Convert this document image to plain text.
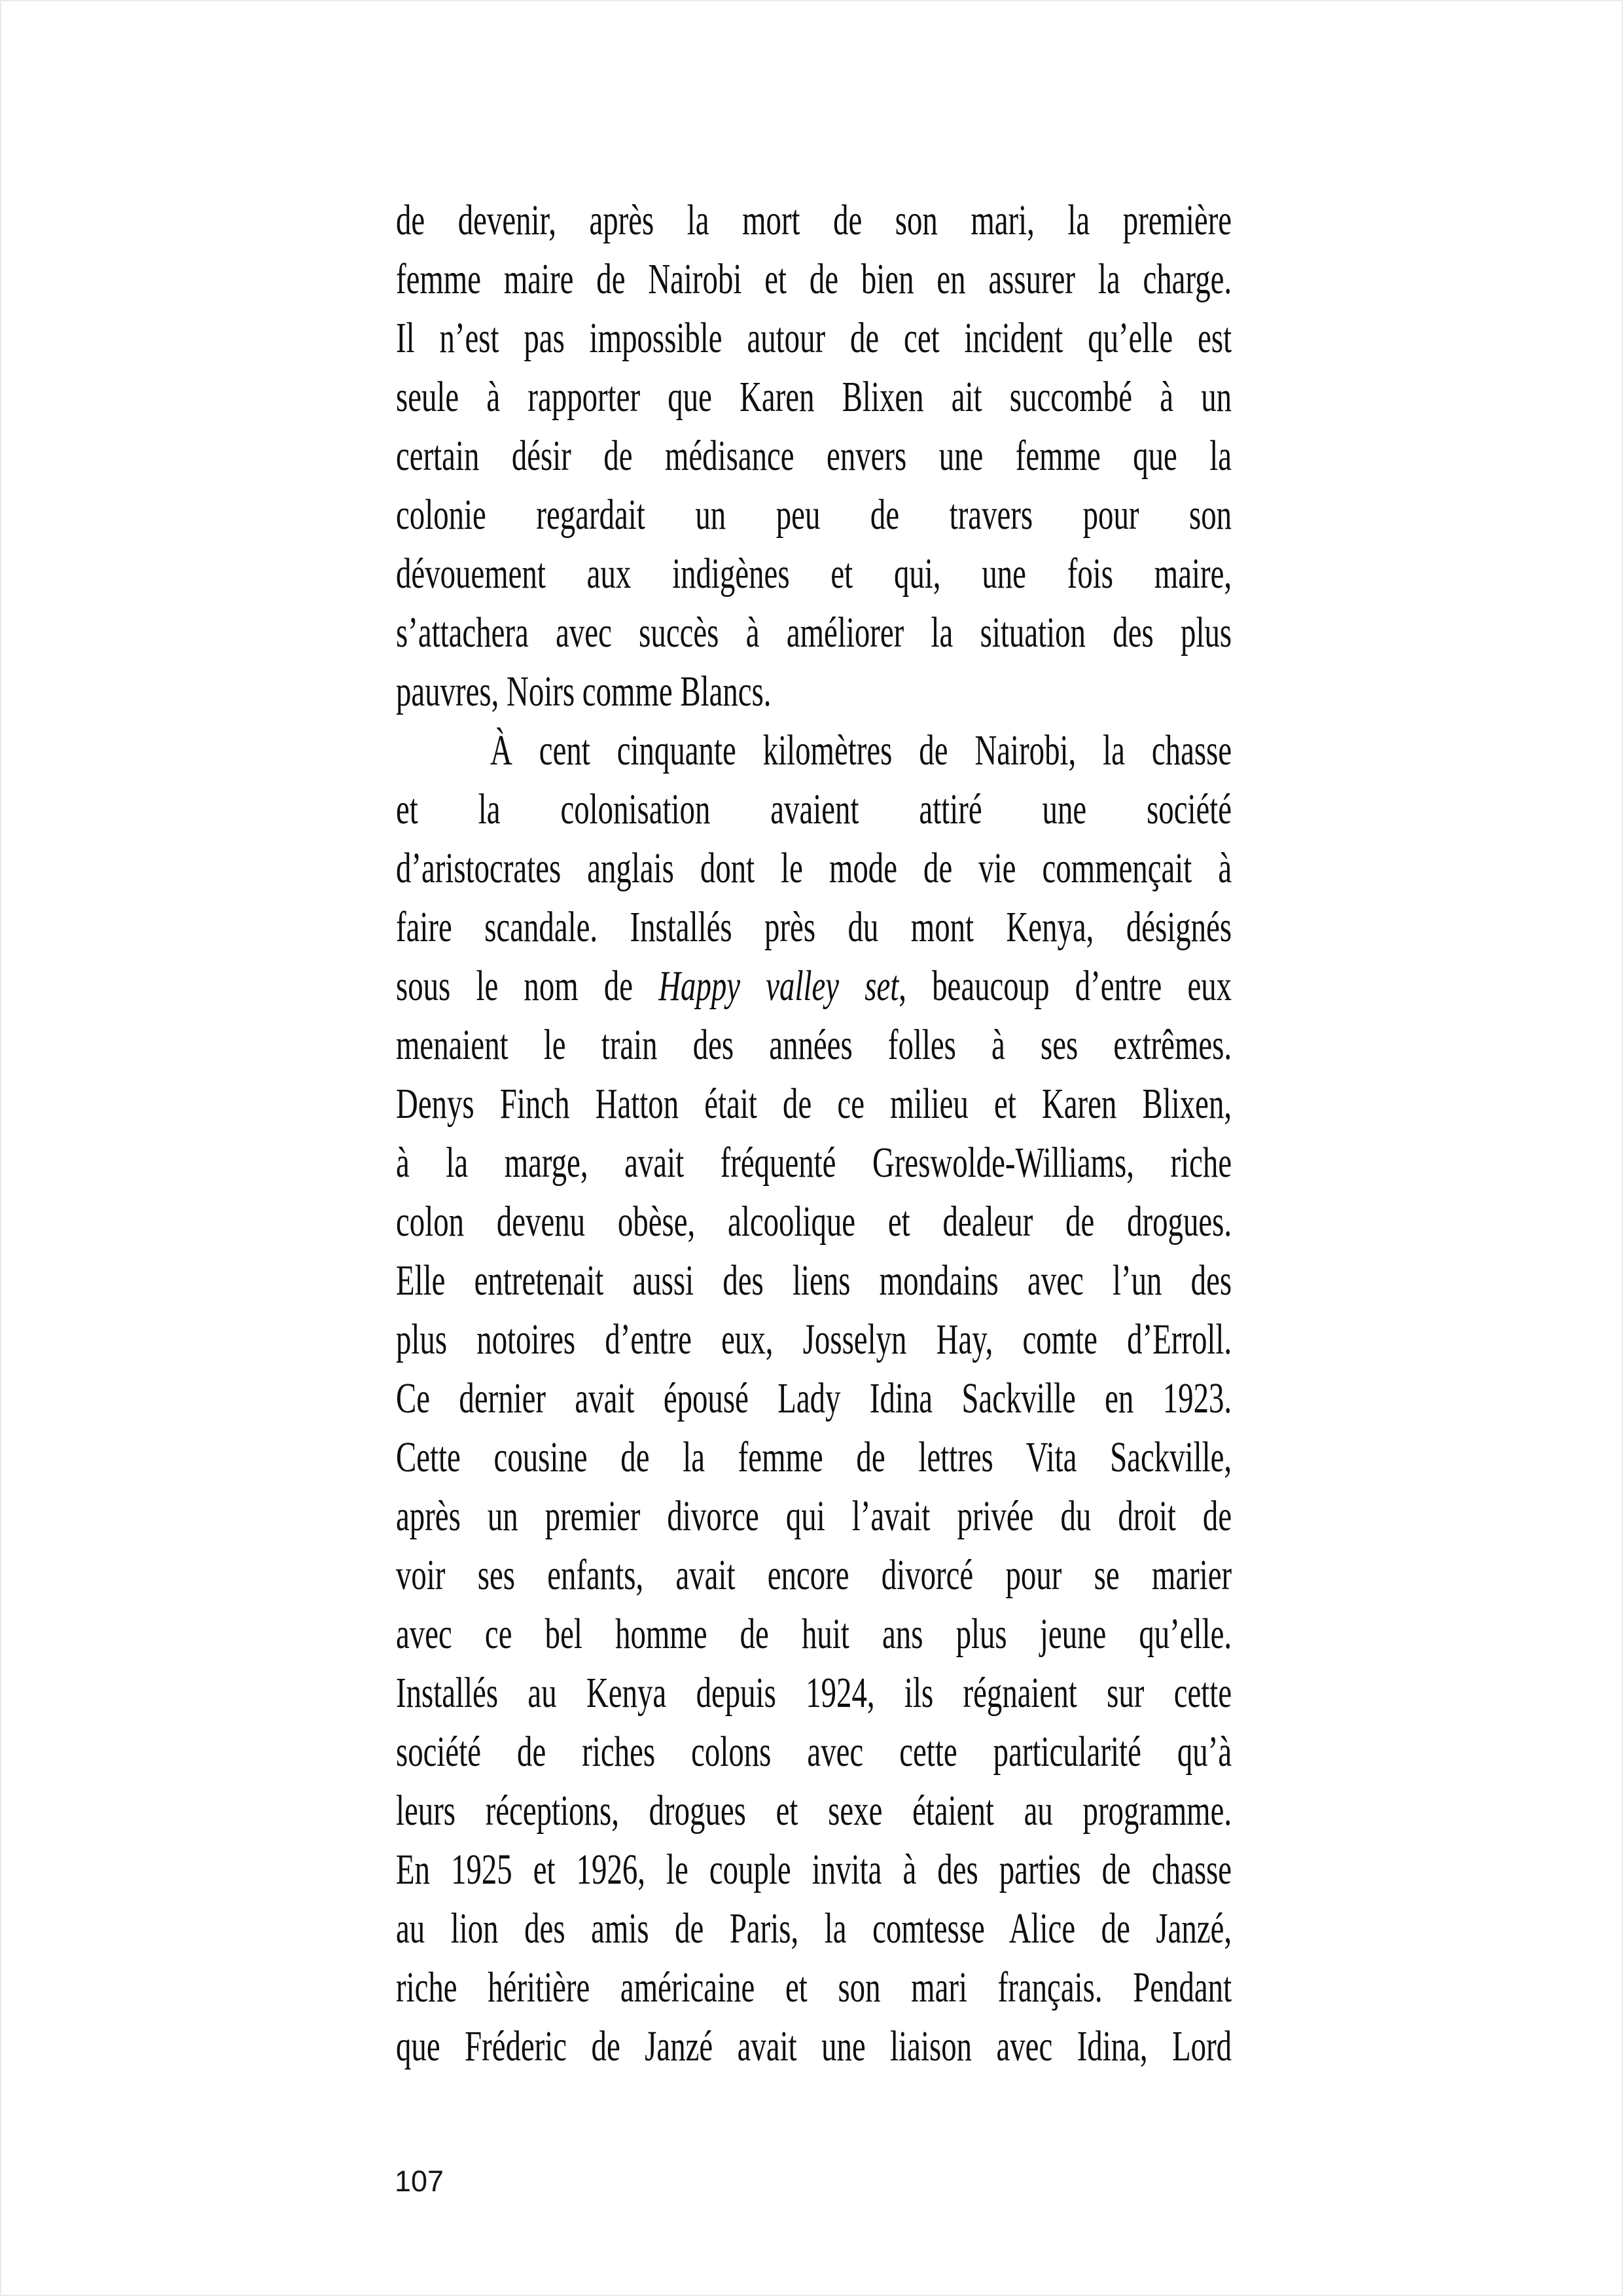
de devenir, après la mort de son mari, la première
femme maire de Nairobi et de bien en assurer la charge.
Il n’est pas impossible autour de cet incident qu’elle est
seule à rapporter que Karen Blixen ait succombé à un
certain désir de médisance envers une femme que la
colonie regardait un peu de travers pour son
dévouement aux indigènes et qui, une fois maire,
s’attachera avec succès à améliorer la situation des plus
pauvres, Noirs comme Blancs.
À cent cinquante kilomètres de Nairobi, la chasse
et la colonisation avaient attiré une société
d’aristocrates anglais dont le mode de vie commençait à
faire scandale. Installés près du mont Kenya, désignés
sous le nom de Happy valley set, beaucoup d’entre eux
menaient le train des années folles à ses extrêmes.
Denys Finch Hatton était de ce milieu et Karen Blixen,
à la marge, avait fréquenté Greswolde-Williams, riche
colon devenu obèse, alcoolique et dealeur de drogues.
Elle entretenait aussi des liens mondains avec l’un des
plus notoires d’entre eux, Josselyn Hay, comte d’Erroll.
Ce dernier avait épousé Lady Idina Sackville en 1923.
Cette cousine de la femme de lettres Vita Sackville,
après un premier divorce qui l’avait privée du droit de
voir ses enfants, avait encore divorcé pour se marier
avec ce bel homme de huit ans plus jeune qu’elle.
Installés au Kenya depuis 1924, ils régnaient sur cette
société de riches colons avec cette particularité qu’à
leurs réceptions, drogues et sexe étaient au programme.
En 1925 et 1926, le couple invita à des parties de chasse
au lion des amis de Paris, la comtesse Alice de Janzé,
riche héritière américaine et son mari français. Pendant
que Fréderic de Janzé avait une liaison avec Idina, Lord
107
